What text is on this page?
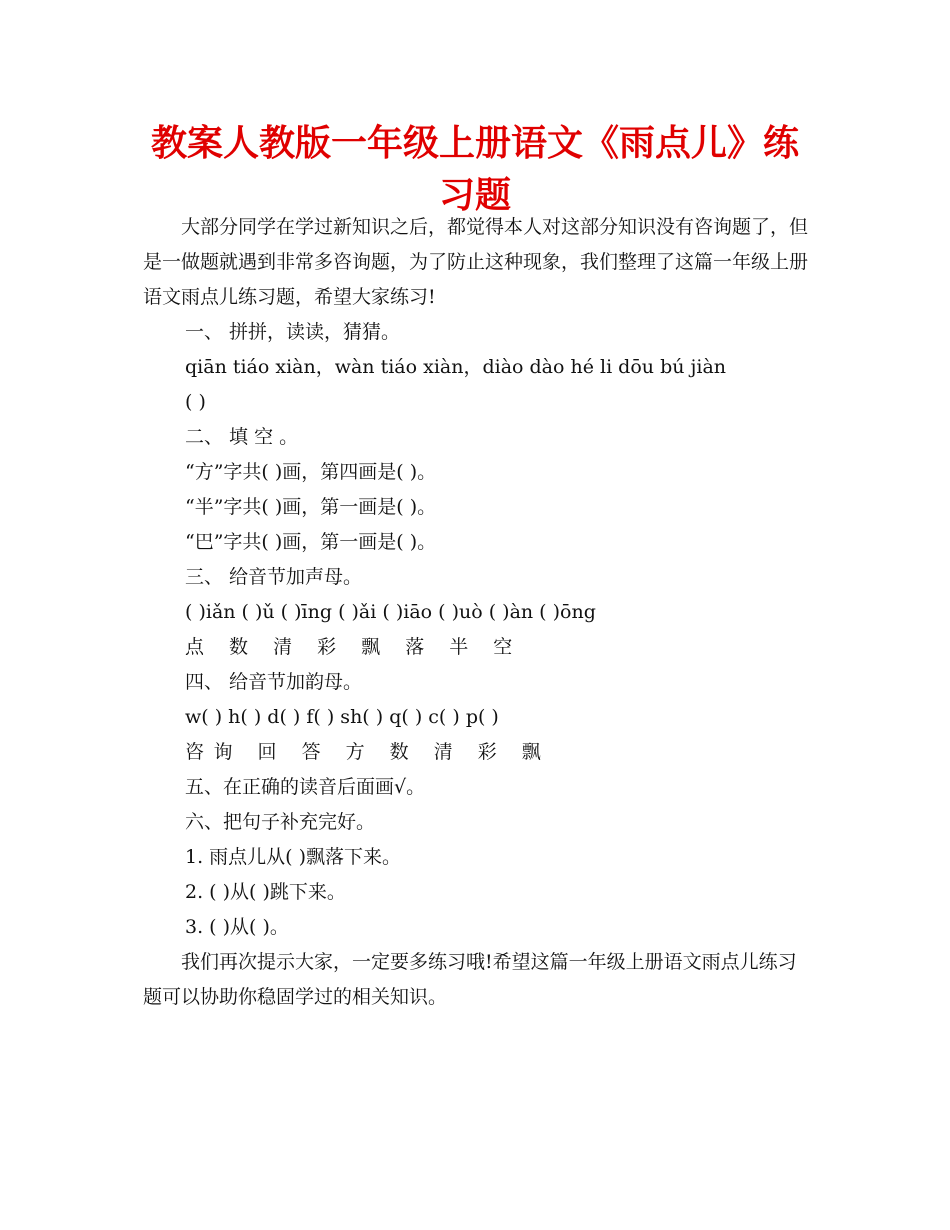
教案人教版一年级上册语文《雨点儿》练习题

大部分同学在学过新知识之后，都觉得本人对这部分知识没有咨询题了，但是一做题就遇到非常多咨询题，为了防止这种现象，我们整理了这篇一年级上册语文雨点儿练习题，希望大家练习!

一、 拼拼，读读，猜猜。

qiān tiáo xiàn，wàn tiáo xiàn，diào dào hé li dōu bú jiàn

( )

二、 填 空 。

“方”字共( )画，第四画是( )。

“半”字共( )画，第一画是( )。

“巴”字共( )画，第一画是( )。

三、 给音节加声母。

( )iǎn ( )ǔ ( )īng ( )ǎi ( )iāo ( )uò ( )àn ( )ōng

点 数 清 彩 飘 落 半 空

四、 给音节加韵母。

w( ) h( ) d( ) f( ) sh( ) q( ) c( ) p( )

咨询 回 答 方 数 清 彩 飘

五、在正确的读音后面画√。

六、把句子补充完好。

1. 雨点儿从( )飘落下来。

2. ( )从( )跳下来。

3. ( )从( )。

我们再次提示大家，一定要多练习哦!希望这篇一年级上册语文雨点儿练习题可以协助你稳固学过的相关知识。
